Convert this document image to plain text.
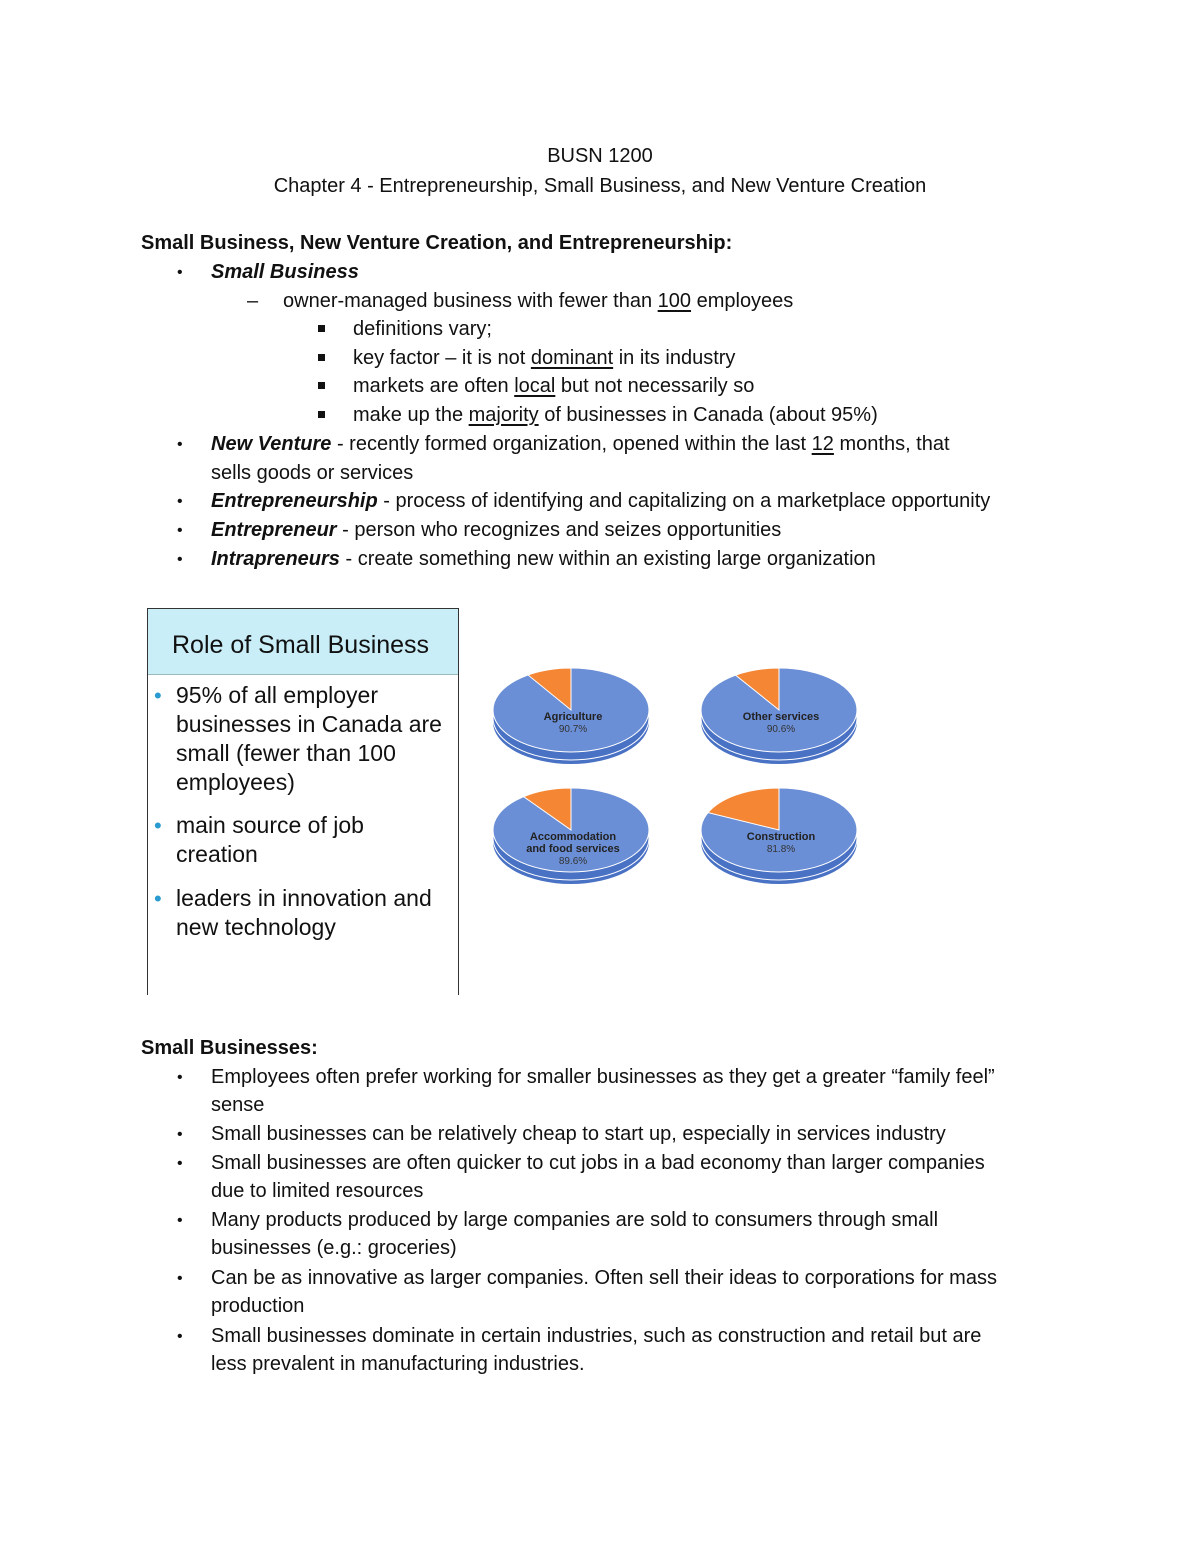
BUSN 1200
Chapter 4 - Entrepreneurship, Small Business, and New Venture Creation
Small Business, New Venture Creation, and Entrepreneurship:
• Small Business
– owner-managed business with fewer than 100 employees
definitions vary;
key factor – it is not dominant in its industry
markets are often local but not necessarily so
make up the majority of businesses in Canada (about 95%)
• New Venture - recently formed organization, opened within the last 12 months, that
sells goods or services
• Entrepreneurship - process of identifying and capitalizing on a marketplace opportunity
• Entrepreneur - person who recognizes and seizes opportunities
• Intrapreneurs - create something new within an existing large organization
Role of Small Business
• 95% of all employer
businesses in Canada are
small (fewer than 100
employees)
• main source of job
creation
• leaders in innovation and
new technology
Agriculture
90.7%
Other services
90.6%
Accommodation
and food services
89.6%
Construction
81.8%
Small Businesses:
• Employees often prefer working for smaller businesses as they get a greater “family feel”
sense
• Small businesses can be relatively cheap to start up, especially in services industry
• Small businesses are often quicker to cut jobs in a bad economy than larger companies
due to limited resources
• Many products produced by large companies are sold to consumers through small
businesses (e.g.: groceries)
• Can be as innovative as larger companies. Often sell their ideas to corporations for mass
production
• Small businesses dominate in certain industries, such as construction and retail but are
less prevalent in manufacturing industries.
